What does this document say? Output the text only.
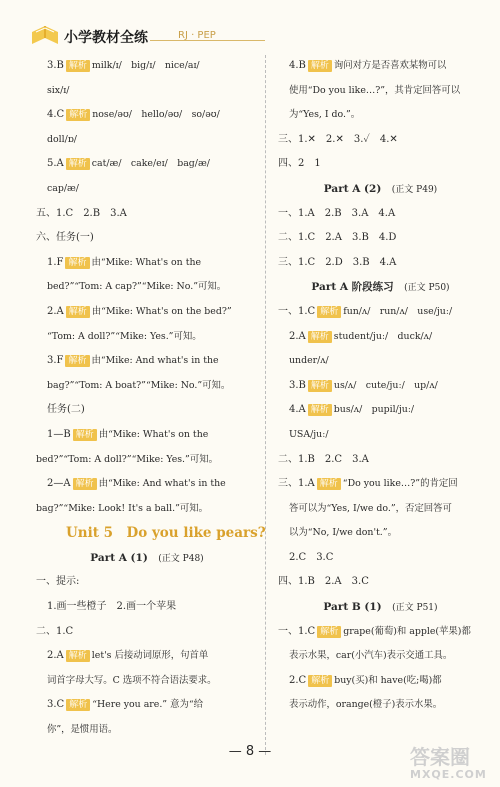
小学教材全练	RJ · PEP
3.B 解析 milk/ɪ/　big/ɪ/　nice/aɪ/
six/ɪ/
4.C 解析 nose/əʊ/　hello/əʊ/　so/əʊ/
doll/ɒ/
5.A 解析 cat/æ/　cake/eɪ/　bag/æ/
cap/æ/
五、1.C　2.B　3.A
六、任务(一)
1.F 解析 由“Mike: What's on the
bed?”“Tom: A cap?”“Mike: No.”可知。
2.A 解析 由“Mike: What's on the bed?”
“Tom: A doll?”“Mike: Yes.”可知。
3.F 解析 由“Mike: And what's in the
bag?”“Tom: A boat?”“Mike: No.”可知。
任务(二)
1—B 解析 由“Mike: What's on the
bed?”“Tom: A doll?”“Mike: Yes.”可知。
2—A 解析 由“Mike: And what's in the
bag?”“Mike: Look! It's a ball.”可知。
Unit 5　Do you like pears?
Part A (1)　 (正文 P48)
一、提示:
1.画一些橙子　2.画一个苹果
二、1.C
2.A 解析 let's 后接动词原形，句首单
词首字母大写。C 选项不符合语法要求。
3.C 解析 “Here you are.” 意为“给
你”，是惯用语。
4.B 解析 询问对方是否喜欢某物可以
使用“Do you like…?”，其肯定回答可以
为“Yes, I do.”。
三、1.✕　2.✕　3.✓　4.✕
四、2　1
Part A (2)　 (正文 P49)
一、1.A　2.B　3.A　4.A
二、1.C　2.A　3.B　4.D
三、1.C　2.D　3.B　4.A
Part A 阶段练习　 (正文 P50)
一、1.C 解析 fun/ʌ/　run/ʌ/　use/juː/
2.A 解析 student/juː/　duck/ʌ/
under/ʌ/
3.B 解析 us/ʌ/　cute/juː/　up/ʌ/
4.A 解析 bus/ʌ/　pupil/juː/
USA/juː/
二、1.B　2.C　3.A
三、1.A 解析 “Do you like…?”的肯定回
答可以为“Yes, I/we do.”，否定回答可
以为“No, I/we don't.”。
2.C　3.C
四、1.B　2.A　3.C
Part B (1)　 (正文 P51)
一、1.C 解析 grape(葡萄)和 apple(苹果)都
表示水果，car(小汽车)表示交通工具。
2.C 解析 buy(买)和 have(吃;喝)都
表示动作，orange(橙子)表示水果。
— 8 —	答案圈
MXQE.COM
